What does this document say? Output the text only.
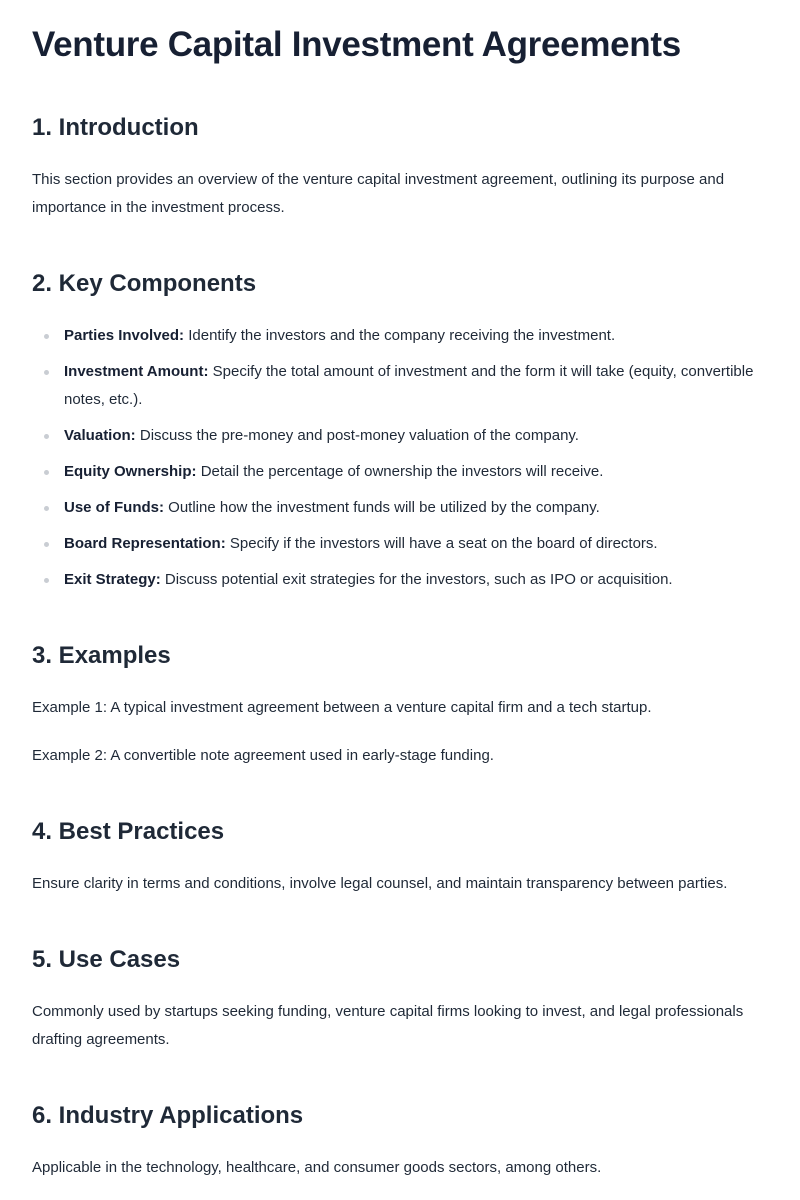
Venture Capital Investment Agreements
1. Introduction

This section provides an overview of the venture capital investment agreement, outlining its purpose and importance in the investment process.

2. Key Components
Parties Involved: Identify the investors and the company receiving the investment.
Investment Amount: Specify the total amount of investment and the form it will take (equity, convertible notes, etc.).
Valuation: Discuss the pre-money and post-money valuation of the company.
Equity Ownership: Detail the percentage of ownership the investors will receive.
Use of Funds: Outline how the investment funds will be utilized by the company.
Board Representation: Specify if the investors will have a seat on the board of directors.
Exit Strategy: Discuss potential exit strategies for the investors, such as IPO or acquisition.
3. Examples

Example 1: A typical investment agreement between a venture capital firm and a tech startup.

Example 2: A convertible note agreement used in early-stage funding.

4. Best Practices

Ensure clarity in terms and conditions, involve legal counsel, and maintain transparency between parties.

5. Use Cases

Commonly used by startups seeking funding, venture capital firms looking to invest, and legal professionals drafting agreements.

6. Industry Applications

Applicable in the technology, healthcare, and consumer goods sectors, among others.
